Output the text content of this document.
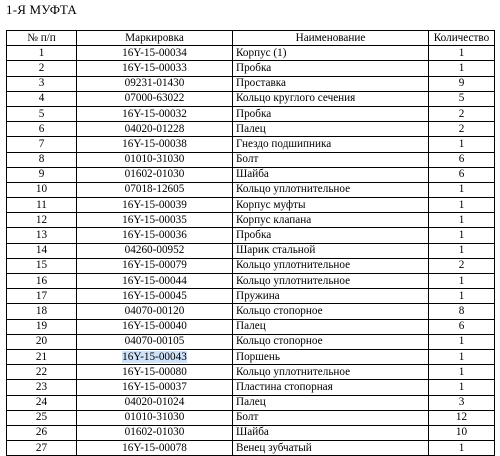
1-Я МУФТА
№ п/п	Маркировка	Наименование	Количество
1	16Y-15-00034	Корпус (1)	1
2	16Y-15-00033	Пробка	1
3	09231-01430	Проставка	9
4	07000-63022	Кольцо круглого сечения	5
5	16Y-15-00032	Пробка	2
6	04020-01228	Палец	2
7	16Y-15-00038	Гнездо подшипника	1
8	01010-31030	Болт	6
9	01602-01030	Шайба	6
10	07018-12605	Кольцо уплотнительное	1
11	16Y-15-00039	Корпус муфты	1
12	16Y-15-00035	Корпус клапана	1
13	16Y-15-00036	Пробка	1
14	04260-00952	Шарик стальной	1
15	16Y-15-00079	Кольцо уплотнительное	2
16	16Y-15-00044	Кольцо уплотнительное	1
17	16Y-15-00045	Пружина	1
18	04070-00120	Кольцо стопорное	8
19	16Y-15-00040	Палец	6
20	04070-00105	Кольцо стопорное	1
21	16Y-15-00043	Поршень	1
22	16Y-15-00080	Кольцо уплотнительное	1
23	16Y-15-00037	Пластина стопорная	1
24	04020-01024	Палец	3
25	01010-31030	Болт	12
26	01602-01030	Шайба	10
27	16Y-15-00078	Венец зубчатый	1
